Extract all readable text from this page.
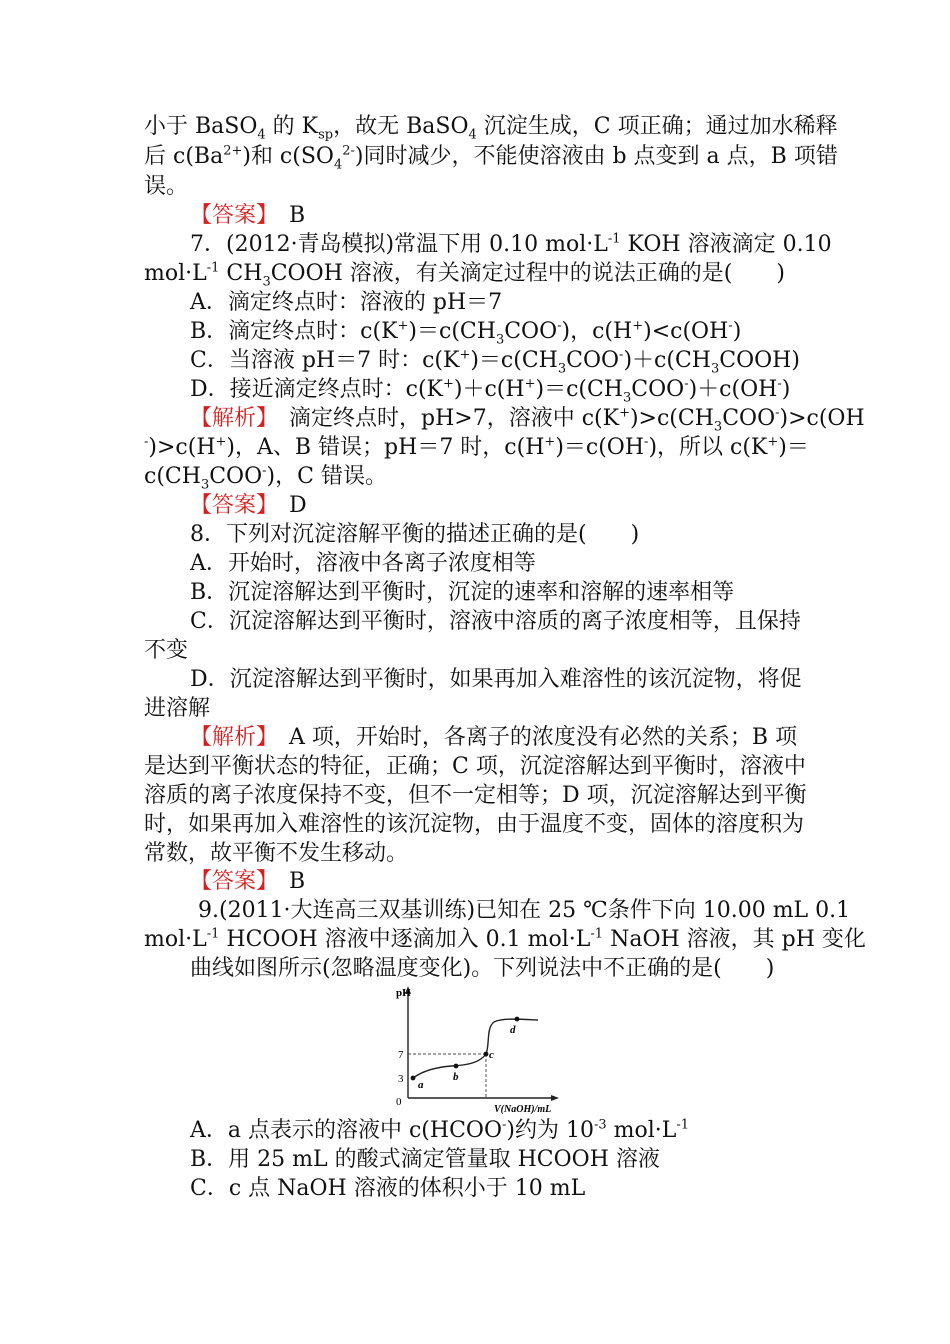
小于 BaSO$_4$ 的 $K_{sp}$，故无 BaSO$_4$ 沉淀生成，C 项正确；通过加水稀释
后 $c(Ba^{2+})$和 $c(SO_4^{2-})$同时减少，不能使溶液由 b 点变到 a 点，B 项错
误。
【答案】　 B
7．(2012·青岛模拟)常温下用 0.10 $mol\cdot L^{-1}$ KOH 溶液滴定 0.10
$mol\cdot L^{-1}$ $CH_3COOH$ 溶液，有关滴定过程中的说法正确的是(　　)
A．滴定终点时：溶液的 pH＝7
B．滴定终点时：$c(K^+)=c(CH_3COO^-)$，c(H+)<c(OH-)
C．当溶液 pH＝7 时：$c(K^+)=c(CH_3COO^-)+c(CH_3COOH)$
D．接近滴定终点时：$c(K^+)+c(H^+)=c(CH_3COO^-)+c(OH^-)$
【解析】　滴定终点时，pH>7，溶液中 $c(K^+)>c(CH_3COO^-)>c(OH$
-)>c(H+)，A、B 错误；pH＝7 时，c(H+)＝c(OH-)，所以 c(K+)＝
$c(CH_3COO^-)$，C 错误。
【答案】　 D
8．下列对沉淀溶解平衡的描述正确的是(　　)
A．开始时，溶液中各离子浓度相等
B．沉淀溶解达到平衡时，沉淀的速率和溶解的速率相等
C．沉淀溶解达到平衡时，溶液中溶质的离子浓度相等，且保持
不变
D．沉淀溶解达到平衡时，如果再加入难溶性的该沉淀物，将促
进溶解
【解析】　 A 项，开始时，各离子的浓度没有必然的关系；B 项
是达到平衡状态的特征，正确；C 项，沉淀溶解达到平衡时，溶液中
溶质的离子浓度保持不变，但不一定相等；D 项，沉淀溶解达到平衡
时，如果再加入难溶性的该沉淀物，由于温度不变，固体的溶度积为
常数，故平衡不发生移动。
【答案】　 B
9.(2011·大连高三双基训练)已知在 25 ℃条件下向 10.00 mL 0.1
$mol\cdot L^{-1}$ HCOOH 溶液中逐滴加入 0.1 $mol\cdot L^{-1}$ NaOH 溶液，其 pH 变化
曲线如图所示(忽略温度变化)。下列说法中不正确的是(　　)
pH
V(NaOH)/mL
0
7
3 a
b
c
d
A．a 点表示的溶液中 c(HCOO-)约为 $10^{-3}$ $mol\cdot L^{-1}$
B．用 25 mL 的酸式滴定管量取 HCOOH 溶液
C．c 点 NaOH 溶液的体积小于 10 mL
